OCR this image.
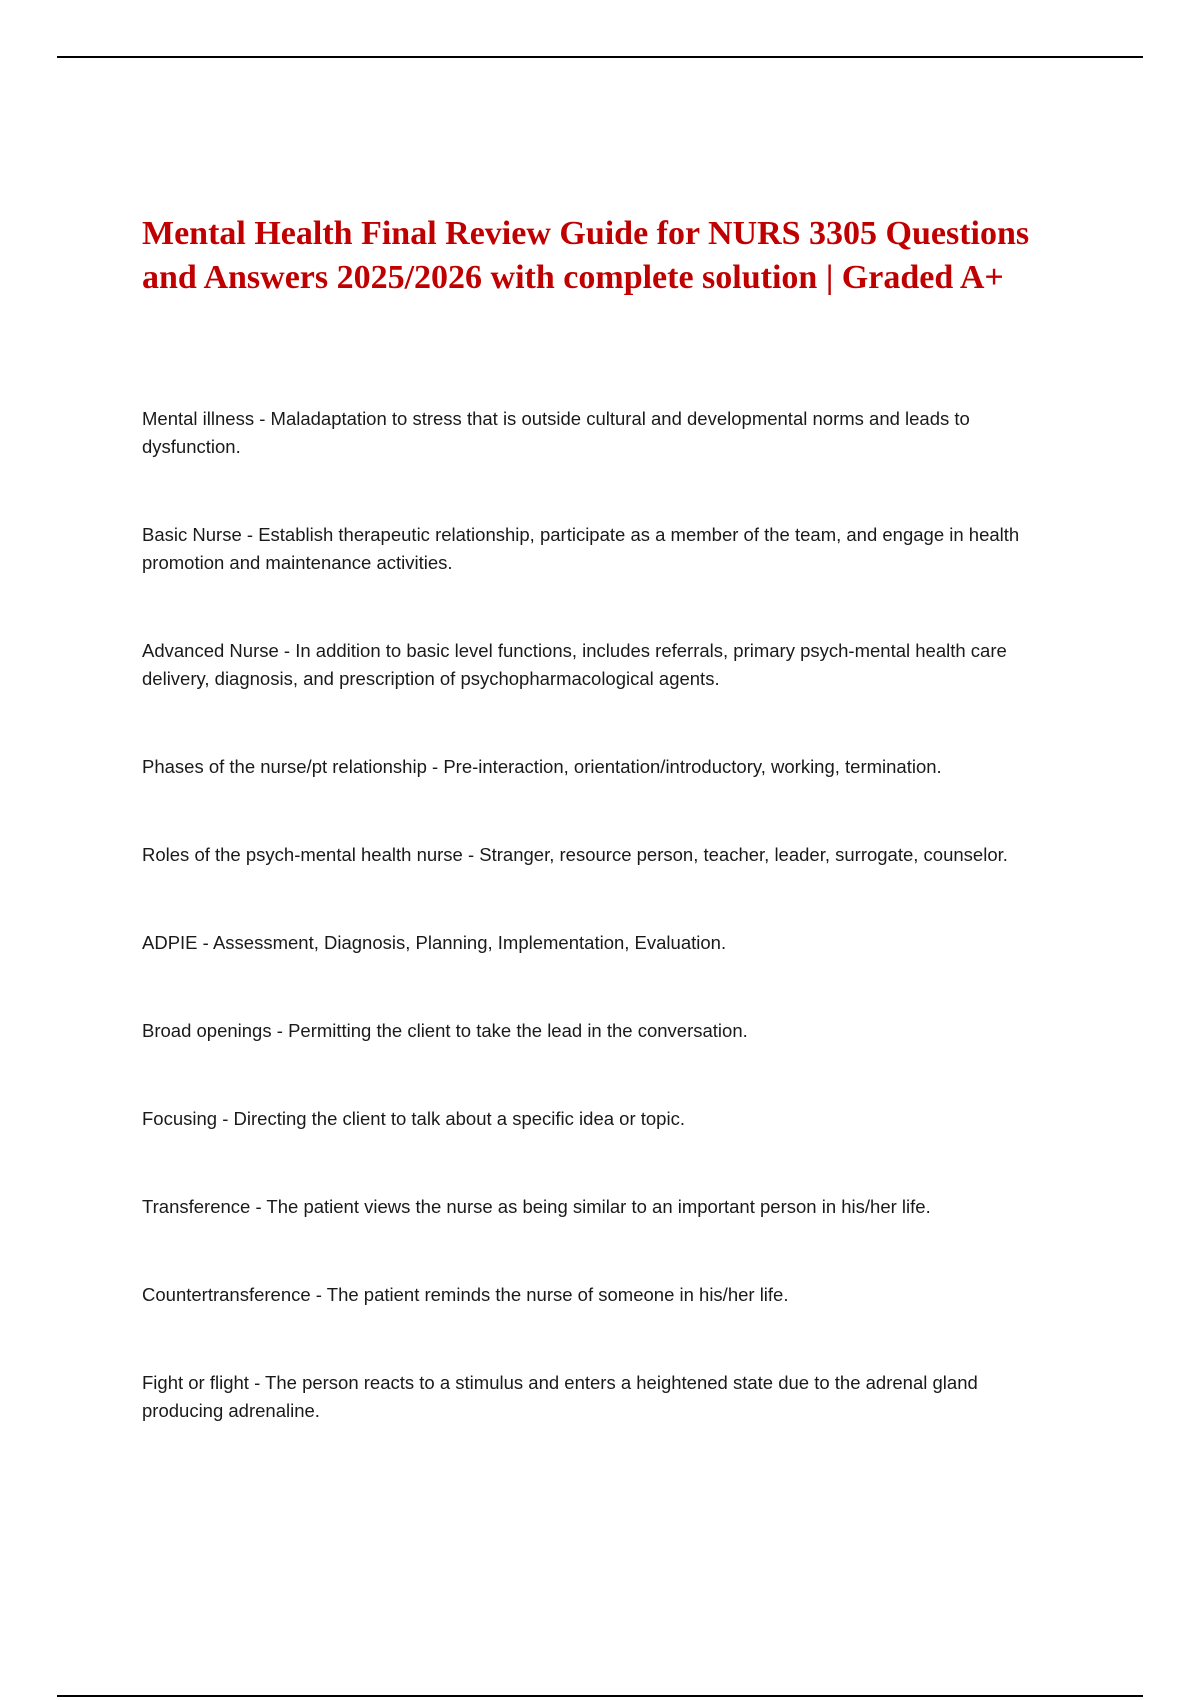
Mental Health Final Review Guide for NURS 3305 Questions and Answers 2025/2026 with complete solution | Graded A+
Mental illness - Maladaptation to stress that is outside cultural and developmental norms and leads to dysfunction.
Basic Nurse - Establish therapeutic relationship, participate as a member of the team, and engage in health promotion and maintenance activities.
Advanced Nurse - In addition to basic level functions, includes referrals, primary psych-mental health care delivery, diagnosis, and prescription of psychopharmacological agents.
Phases of the nurse/pt relationship - Pre-interaction, orientation/introductory, working, termination.
Roles of the psych-mental health nurse - Stranger, resource person, teacher, leader, surrogate, counselor.
ADPIE - Assessment, Diagnosis, Planning, Implementation, Evaluation.
Broad openings - Permitting the client to take the lead in the conversation.
Focusing - Directing the client to talk about a specific idea or topic.
Transference - The patient views the nurse as being similar to an important person in his/her life.
Countertransference - The patient reminds the nurse of someone in his/her life.
Fight or flight - The person reacts to a stimulus and enters a heightened state due to the adrenal gland producing adrenaline.
